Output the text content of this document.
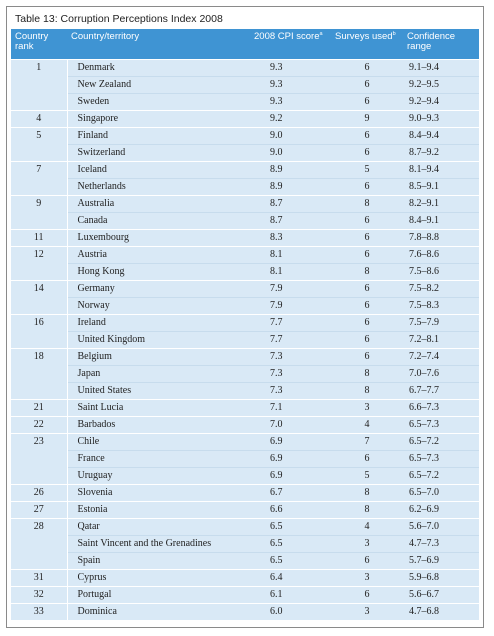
Table 13: Corruption Perceptions Index 2008
Country rank	Country/territory	2008 CPI score$^a$	Surveys used$^b$	Confidence range
1	Denmark	9.3	6	9.1–9.4
	New Zealand	9.3	6	9.2–9.5
	Sweden	9.3	6	9.2–9.4
4	Singapore	9.2	9	9.0–9.3
5	Finland	9.0	6	8.4–9.4
	Switzerland	9.0	6	8.7–9.2
7	Iceland	8.9	5	8.1–9.4
	Netherlands	8.9	6	8.5–9.1
9	Australia	8.7	8	8.2–9.1
	Canada	8.7	6	8.4–9.1
11	Luxembourg	8.3	6	7.8–8.8
12	Austria	8.1	6	7.6–8.6
	Hong Kong	8.1	8	7.5–8.6
14	Germany	7.9	6	7.5–8.2
	Norway	7.9	6	7.5–8.3
16	Ireland	7.7	6	7.5–7.9
	United Kingdom	7.7	6	7.2–8.1
18	Belgium	7.3	6	7.2–7.4
	Japan	7.3	8	7.0–7.6
	United States	7.3	8	6.7–7.7
21	Saint Lucia	7.1	3	6.6–7.3
22	Barbados	7.0	4	6.5–7.3
23	Chile	6.9	7	6.5–7.2
	France	6.9	6	6.5–7.3
	Uruguay	6.9	5	6.5–7.2
26	Slovenia	6.7	8	6.5–7.0
27	Estonia	6.6	8	6.2–6.9
28	Qatar	6.5	4	5.6–7.0
	Saint Vincent and the Grenadines	6.5	3	4.7–7.3
	Spain	6.5	6	5.7–6.9
31	Cyprus	6.4	3	5.9–6.8
32	Portugal	6.1	6	5.6–6.7
33	Dominica	6.0	3	4.7–6.8
